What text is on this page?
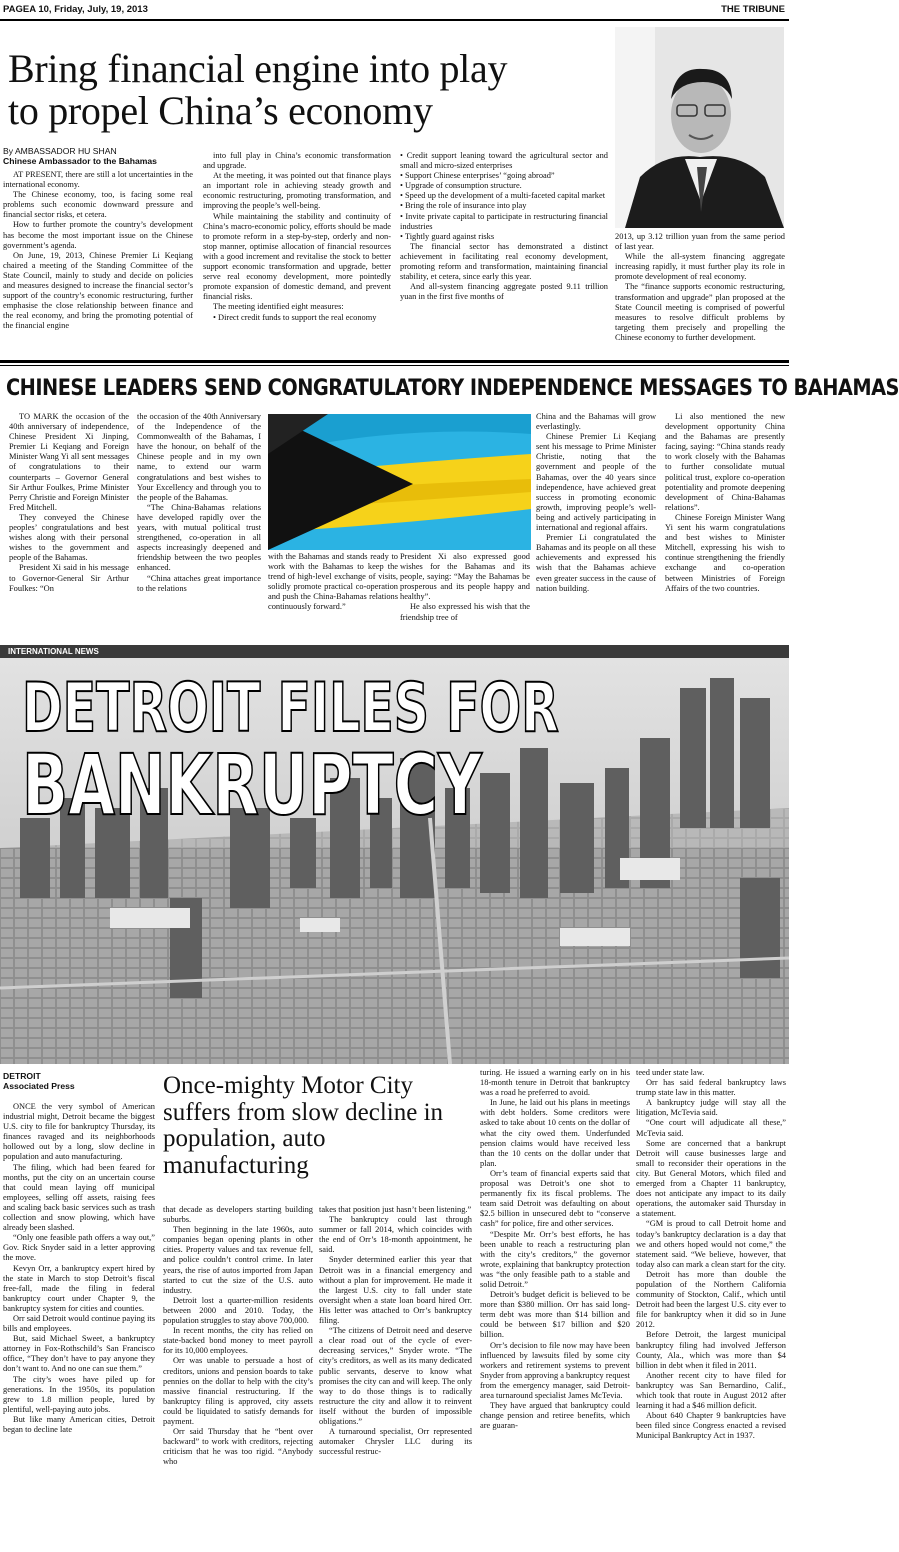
PAGEA 10, Friday, July, 19, 2013	THE TRIBUNE
Bring financial engine into play
to propel China’s economy
By AMBASSADOR HU SHAN
Chinese Ambassador to the Bahamas

AT PRESENT, there are still a lot uncertainties in the international economy.

The Chinese economy, too, is facing some real problems such economic downward pressure and financial sector risks, et cetera.

How to further promote the country’s development has become the most important issue on the Chinese government’s agenda.

On June, 19, 2013, Chinese Premier Li Keqiang chaired a meeting of the Standing Committee of the State Council, mainly to study and decide on policies and measures designed to increase the financial sector’s support of the country’s economic restructuring, further emphasise the close relationship between finance and the real economy, and bring the promoting potential of the financial engine

into full play in China’s economic transformation and upgrade.

At the meeting, it was pointed out that finance plays an important role in achieving steady growth and economic restructuring, promoting transformation, and improving the people’s well-being.

While maintaining the stability and continuity of China’s macro-economic policy, efforts should be made to promote reform in a step-by-step, orderly and non-stop manner, optimise allocation of financial resources with a good increment and revitalise the stock to better support economic transformation and upgrade, better serve real economy development, more pointedly promote expansion of domestic demand, and prevent financial risks.

The meeting identified eight measures:

• Direct credit funds to support the real economy

• Credit support leaning toward the agricultural sector and small and micro-sized enterprises

• Support Chinese enterprises’ “going abroad”

• Upgrade of consumption structure.

• Speed up the development of a multi-faceted capital market

• Bring the role of insurance into play

• Invite private capital to participate in restructuring financial industries

• Tightly guard against risks

The financial sector has demonstrated a distinct achievement in facilitating real economy development, promoting reform and transformation, maintaining financial stability, et cetera, since early this year.

And all-system financing aggregate posted 9.11 trillion yuan in the first five months of

2013, up 3.12 trillion yuan from the same period of last year.

While the all-system financing aggregate increasing rapidly, it must further play its role in promote development of real economy.

The “finance supports economic restructuring, transformation and upgrade” plan proposed at the State Council meeting is comprised of powerful measures to resolve difficult problems by targeting them precisely and propelling the Chinese economy to further development.

CHINESE LEADERS SEND CONGRATULATORY INDEPENDENCE MESSAGES TO BAHAMAS

TO MARK the occasion of the 40th anniversary of independence, Chinese President Xi Jinping, Premier Li Keqiang and Foreign Minister Wang Yi all sent messages of congratulations to their counterparts – Governor General Sir Arthur Foulkes, Prime Minister Perry Christie and Foreign Minister Fred Mitchell.

They conveyed the Chinese peoples’ congratulations and best wishes along with their personal wishes to the government and people of the Bahamas.

President Xi said in his message to Governor-General Sir Arthur Foulkes: “On

the occasion of the 40th Anniversary of the Independence of the Commonwealth of the Bahamas, I have the honour, on behalf of the Chinese people and in my own name, to extend our warm congratulations and best wishes to Your Excellency and through you to the people of the Bahamas.

“The China-Bahamas relations have developed rapidly over the years, with mutual political trust strengthened, co-operation in all aspects increasingly deepened and friendship between the two peoples enhanced.

“China attaches great importance to the relations

with the Bahamas and stands ready to work with the Bahamas to keep the trend of high-level exchange of visits, solidly promote practical co-operation and push the China-Bahamas relations continuously forward.”

President Xi also expressed good wishes for the Bahamas and its people, saying: “May the Bahamas be prosperous and its people happy and healthy”.

He also expressed his wish that the friendship tree of

China and the Bahamas will grow everlastingly.

Chinese Premier Li Keqiang sent his message to Prime Minister Christie, noting that the government and people of the Bahamas, over the 40 years since independence, have achieved great success in promoting economic growth, improving people’s well-being and actively participating in international and regional affairs.

Premier Li congratulated the Bahamas and its people on all these achievements and expressed his wish that the Bahamas achieve even greater success in the cause of nation building.

Li also mentioned the new development opportunity China and the Bahamas are presently facing, saying: “China stands ready to work closely with the Bahamas to further consolidate mutual political trust, explore co-operation potentiality and promote deepening development of China-Bahamas relations”.

Chinese Foreign Minister Wang Yi sent his warm congratulations and best wishes to Minister Mitchell, expressing his wish to continue strengthening the friendly exchange and co-operation between Ministries of Foreign Affairs of the two countries.

INTERNATIONAL NEWS
DETROIT FILES FOR
BANKRUPTCY
DETROIT
Associated Press	Once-mighty Motor City suffers from slow decline in population, auto manufacturing

ONCE the very symbol of American industrial might, Detroit became the biggest U.S. city to file for bankruptcy Thursday, its finances ravaged and its neighborhoods hollowed out by a long, slow decline in population and auto manufacturing.

The filing, which had been feared for months, put the city on an uncertain course that could mean laying off municipal employees, selling off assets, raising fees and scaling back basic services such as trash collection and snow plowing, which have already been slashed.

“Only one feasible path offers a way out,” Gov. Rick Snyder said in a letter approving the move.

Kevyn Orr, a bankruptcy expert hired by the state in March to stop Detroit’s fiscal free-fall, made the filing in federal bankruptcy court under Chapter 9, the bankruptcy system for cities and counties.

Orr said Detroit would continue paying its bills and employees.

But, said Michael Sweet, a bankruptcy attorney in Fox-Rothschild’s San Francisco office, “They don’t have to pay anyone they don’t want to. And no one can sue them.”

The city’s woes have piled up for generations. In the 1950s, its population grew to 1.8 million people, lured by plentiful, well-paying auto jobs.

But like many American cities, Detroit began to decline late

that decade as developers starting building suburbs.

Then beginning in the late 1960s, auto companies began opening plants in other cities. Property values and tax revenue fell, and police couldn’t control crime. In later years, the rise of autos imported from Japan started to cut the size of the U.S. auto industry.

Detroit lost a quarter-million residents between 2000 and 2010. Today, the population struggles to stay above 700,000.

In recent months, the city has relied on state-backed bond money to meet payroll for its 10,000 employees.

Orr was unable to persuade a host of creditors, unions and pension boards to take pennies on the dollar to help with the city’s massive financial restructuring. If the bankruptcy filing is approved, city assets could be liquidated to satisfy demands for payment.

Orr said Thursday that he “bent over backward” to work with creditors, rejecting criticism that he was too rigid. “Anybody who

takes that position just hasn’t been listening.”

The bankruptcy could last through summer or fall 2014, which coincides with the end of Orr’s 18-month appointment, he said.

Snyder determined earlier this year that Detroit was in a financial emergency and without a plan for improvement. He made it the largest U.S. city to fall under state oversight when a state loan board hired Orr. His letter was attached to Orr’s bankruptcy filing.

“The citizens of Detroit need and deserve a clear road out of the cycle of ever-decreasing services,” Snyder wrote. “The city’s creditors, as well as its many dedicated public servants, deserve to know what promises the city can and will keep. The only way to do those things is to radically restructure the city and allow it to reinvent itself without the burden of impossible obligations.”

A turnaround specialist, Orr represented automaker Chrysler LLC during its successful restruc-

turing. He issued a warning early on in his 18-month tenure in Detroit that bankruptcy was a road he preferred to avoid.

In June, he laid out his plans in meetings with debt holders. Some creditors were asked to take about 10 cents on the dollar of what the city owed them. Underfunded pension claims would have received less than the 10 cents on the dollar under that plan.

Orr’s team of financial experts said that proposal was Detroit’s one shot to permanently fix its fiscal problems. The team said Detroit was defaulting on about $2.5 billion in unsecured debt to “conserve cash” for police, fire and other services.

“Despite Mr. Orr’s best efforts, he has been unable to reach a restructuring plan with the city’s creditors,” the governor wrote, explaining that bankruptcy protection was “the only feasible path to a stable and solid Detroit.”

Detroit’s budget deficit is believed to be more than $380 million. Orr has said long-term debt was more than $14 billion and could be between $17 billion and $20 billion.

Orr’s decision to file now may have been influenced by lawsuits filed by some city workers and retirement systems to prevent Snyder from approving a bankruptcy request from the emergency manager, said Detroit-area turnaround specialist James McTevia.

They have argued that bankruptcy could change pension and retiree benefits, which are guaran-

teed under state law.

Orr has said federal bankruptcy laws trump state law in this matter.

A bankruptcy judge will stay all the litigation, McTevia said.

“One court will adjudicate all these,” McTevia said.

Some are concerned that a bankrupt Detroit will cause businesses large and small to reconsider their operations in the city. But General Motors, which filed and emerged from a Chapter 11 bankruptcy, does not anticipate any impact to its daily operations, the automaker said Thursday in a statement.

“GM is proud to call Detroit home and today’s bankruptcy declaration is a day that we and others hoped would not come,” the statement said. “We believe, however, that today also can mark a clean start for the city.

Detroit has more than double the population of the Northern California community of Stockton, Calif., which until Detroit had been the largest U.S. city ever to file for bankruptcy when it did so in June 2012.

Before Detroit, the largest municipal bankruptcy filing had involved Jefferson County, Ala., which was more than $4 billion in debt when it filed in 2011.

Another recent city to have filed for bankruptcy was San Bernardino, Calif., which took that route in August 2012 after learning it had a $46 million deficit.

About 640 Chapter 9 bankruptcies have been filed since Congress enacted a revised Municipal Bankruptcy Act in 1937.
